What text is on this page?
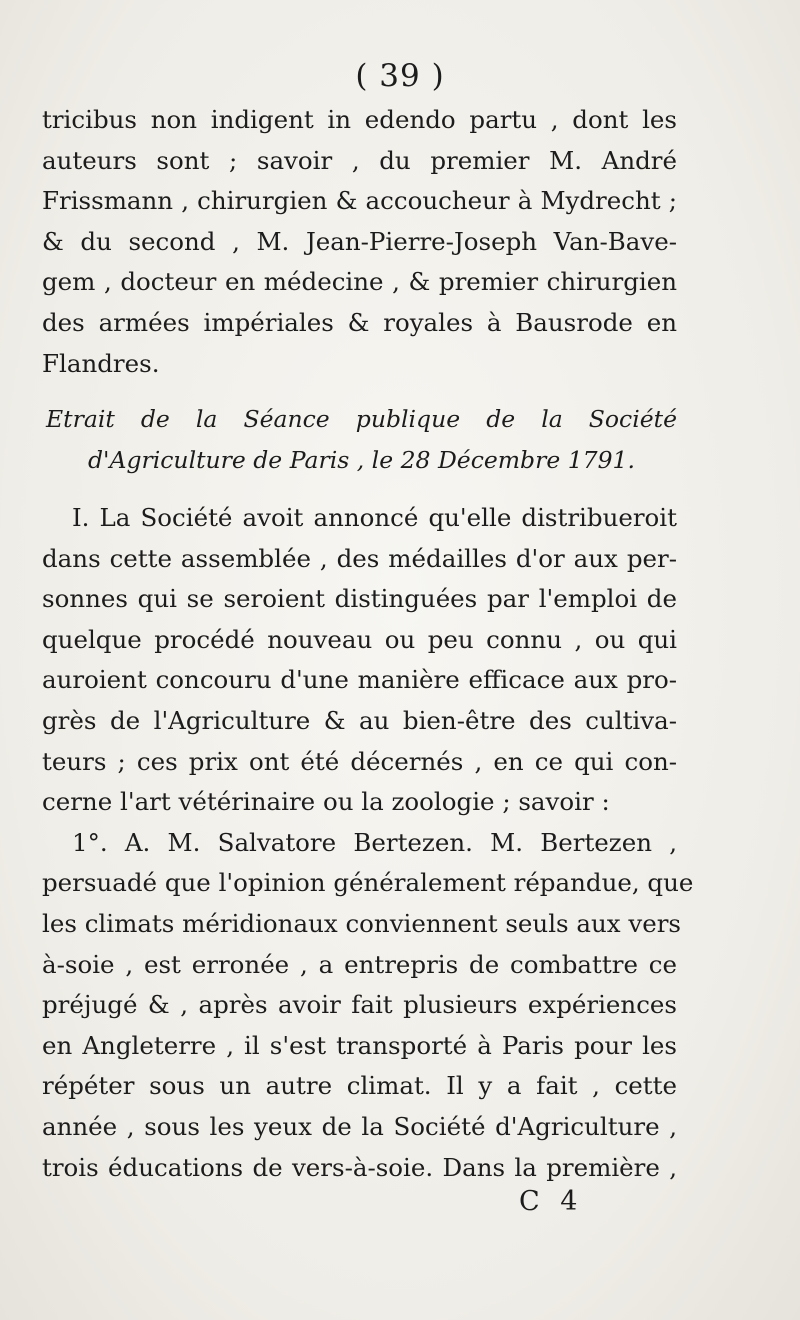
( 39 )
tricibus non indigent in edendo partu , dont les
auteurs sont ; savoir , du premier M. André
Frissmann , chirurgien & accoucheur à Mydrecht ;
& du second , M. Jean-Pierre-Joseph Van-Bave-
gem , docteur en médecine , & premier chirurgien
des armées impériales & royales à Bausrode en
Flandres.
Etrait de la Séance publique de la Société
d'Agriculture de Paris , le 28 Décembre 1791.
I. La Société avoit annoncé qu'elle distribueroit
dans cette assemblée , des médailles d'or aux per-
sonnes qui se seroient distinguées par l'emploi de
quelque procédé nouveau ou peu connu , ou qui
auroient concouru d'une manière efficace aux pro-
grès de l'Agriculture & au bien-être des cultiva-
teurs ; ces prix ont été décernés , en ce qui con-
cerne l'art vétérinaire ou la zoologie ; savoir :
1°. A. M. Salvatore Bertezen. M. Bertezen ,
persuadé que l'opinion généralement répandue, que
les climats méridionaux conviennent seuls aux vers
à-soie , est erronée , a entrepris de combattre ce
préjugé & , après avoir fait plusieurs expériences
en Angleterre , il s'est transporté à Paris pour les
répéter sous un autre climat. Il y a fait , cette
année , sous les yeux de la Société d'Agriculture ,
trois éducations de vers-à-soie. Dans la première ,
C 4
